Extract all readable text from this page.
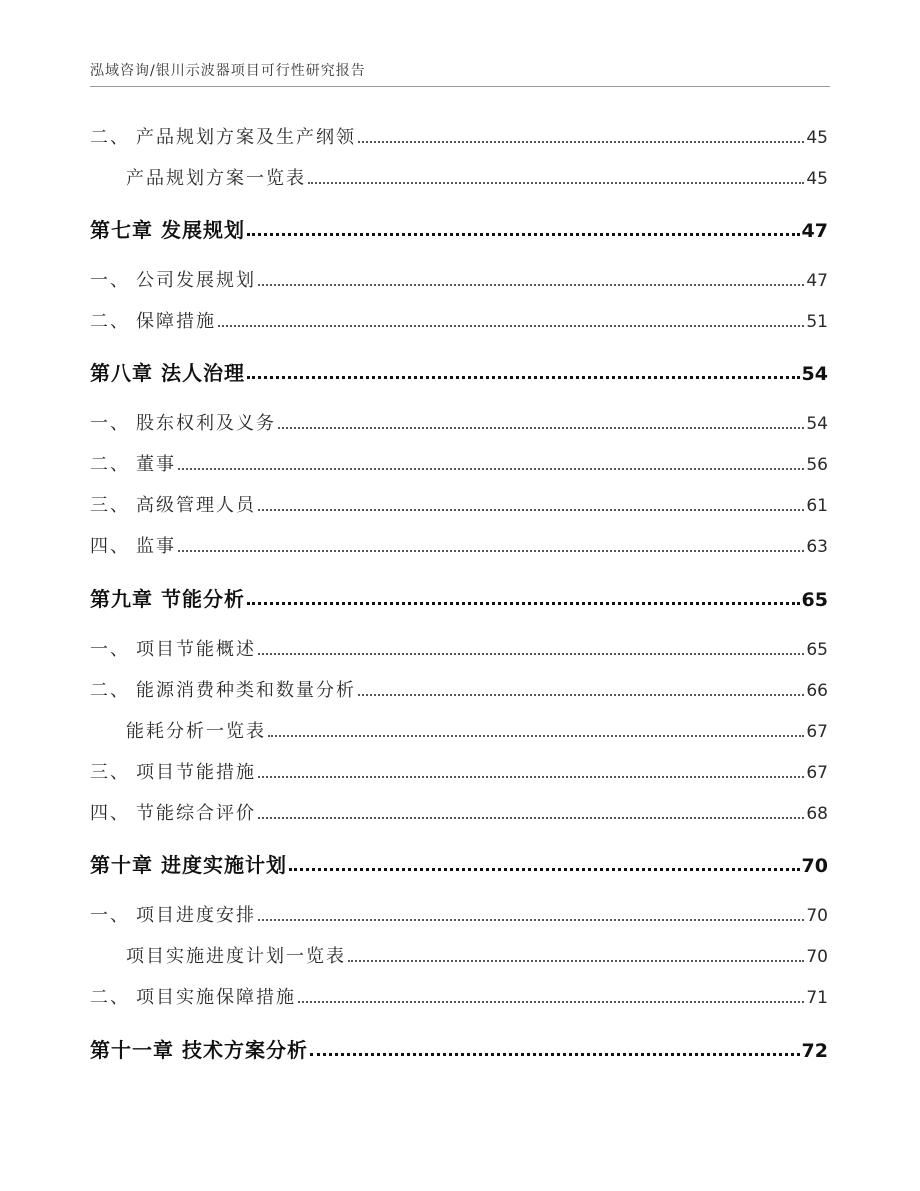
泓域咨询/银川示波器项目可行性研究报告
二、 产品规划方案及生产纲领	45
产品规划方案一览表	45
第七章 发展规划	47
一、 公司发展规划	47
二、 保障措施	51
第八章 法人治理	54
一、 股东权利及义务	54
二、 董事	56
三、 高级管理人员	61
四、 监事	63
第九章 节能分析	65
一、 项目节能概述	65
二、 能源消费种类和数量分析	66
能耗分析一览表	67
三、 项目节能措施	67
四、 节能综合评价	68
第十章 进度实施计划	70
一、 项目进度安排	70
项目实施进度计划一览表	70
二、 项目实施保障措施	71
第十一章 技术方案分析	72
